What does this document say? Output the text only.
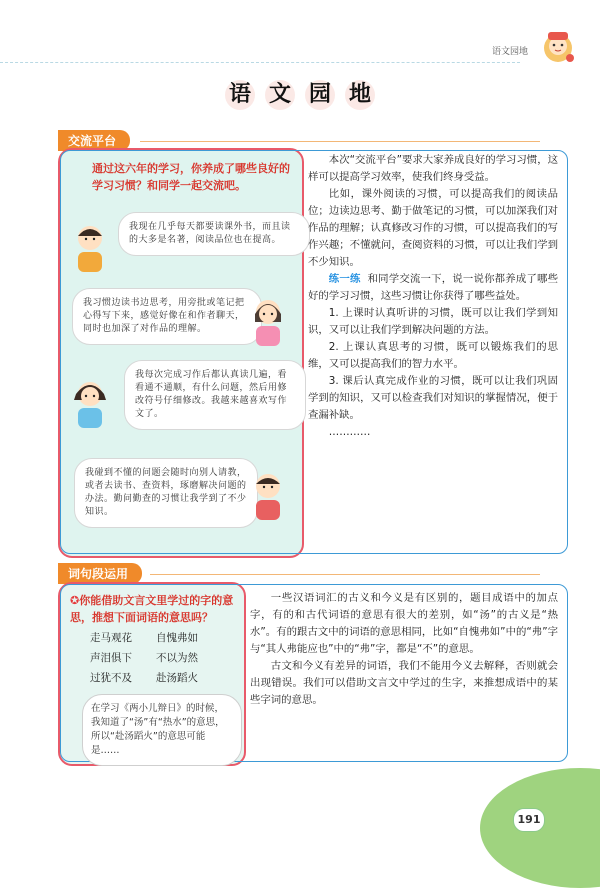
语文园地
语 文 园 地
交流平台
通过这六年的学习，你养成了哪些良好的学习习惯？和同学一起交流吧。
我现在几乎每天都要读课外书，而且读的大多是名著，阅读品位也在提高。
我习惯边读书边思考，用旁批或笔记把心得写下来，感觉好像在和作者聊天，同时也加深了对作品的理解。
我每次完成习作后都认真读几遍，看看通不通顺，有什么问题，然后用修改符号仔细修改。我越来越喜欢写作文了。
我碰到不懂的问题会随时向别人请教，或者去读书、查资料，琢磨解决问题的办法。勤问勤查的习惯让我学到了不少知识。

本次“交流平台”要求大家养成良好的学习习惯，这样可以提高学习效率，使我们终身受益。

比如，课外阅读的习惯，可以提高我们的阅读品位；边读边思考、勤于做笔记的习惯，可以加深我们对作品的理解；认真修改习作的习惯，可以提高我们的写作兴趣；不懂就问，查阅资料的习惯，可以让我们学到不少知识。

练一练 和同学交流一下，说一说你都养成了哪些好的学习习惯，这些习惯让你获得了哪些益处。

1. 上课时认真听讲的习惯，既可以让我们学到知识，又可以让我们学到解决问题的方法。

2. 上课认真思考的习惯，既可以锻炼我们的思维，又可以提高我们的智力水平。

3. 课后认真完成作业的习惯，既可以让我们巩固学到的知识，又可以检查我们对知识的掌握情况，便于查漏补缺。

…………

词句段运用
✪你能借助文言文里学过的字的意思，推想下面词语的意思吗？
走马观花 自愧弗如
声泪俱下 不以为然
过犹不及 赴汤蹈火
在学习《两小儿辩日》的时候，我知道了“汤”有“热水”的意思，所以“赴汤蹈火”的意思可能是……

一些汉语词汇的古义和今义是有区别的，题目成语中的加点字，有的和古代词语的意思有很大的差别，如“汤”的古义是“热水”。有的跟古文中的词语的意思相同，比如“自愧弗如”中的“弗”字与“其人弗能应也”中的“弗”字，都是“不”的意思。

古文和今义有差异的词语，我们不能用今义去解释，否则就会出现错误。我们可以借助文言文中学过的生字，来推想成语中的某些字词的意思。

191
